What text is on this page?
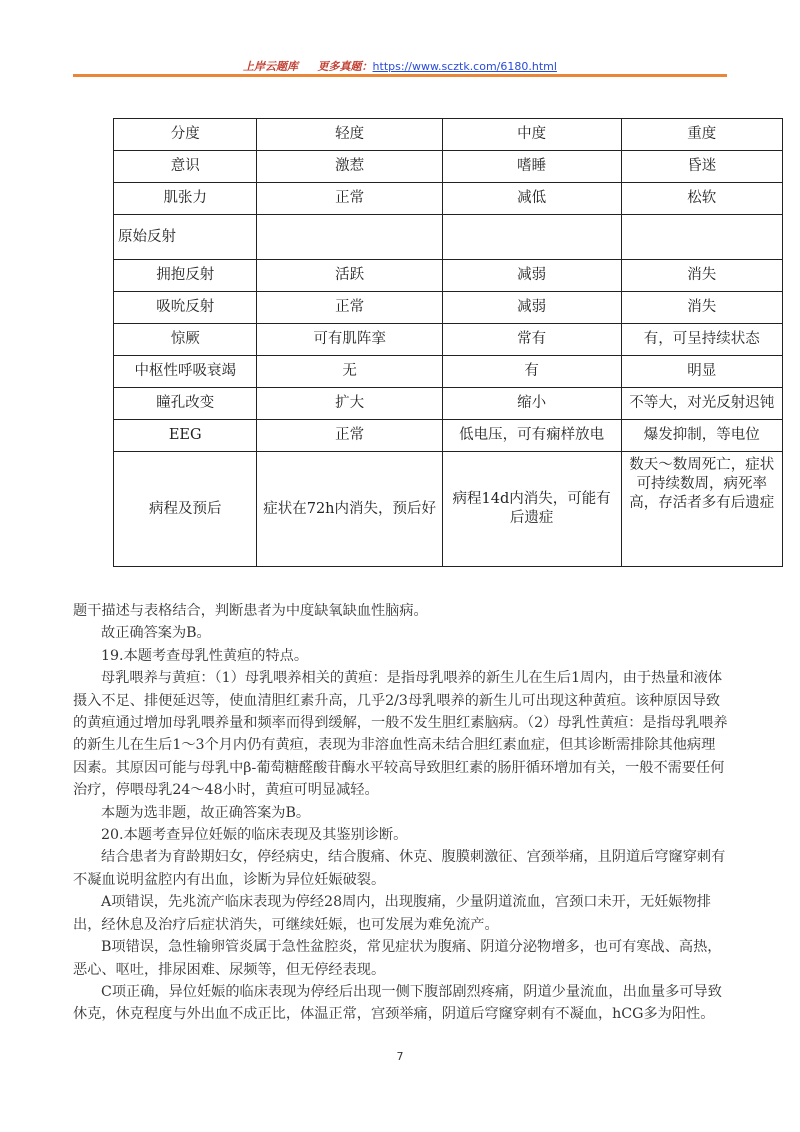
上岸云题库 更多真题：https://www.scztk.com/6180.html
分度	轻度	中度	重度
意识	激惹	嗜睡	昏迷
肌张力	正常	减低	松软
原始反射			
拥抱反射	活跃	减弱	消失
吸吮反射	正常	减弱	消失
惊厥	可有肌阵挛	常有	有，可呈持续状态
中枢性呼吸衰竭	无	有	明显
瞳孔改变	扩大	缩小	不等大，对光反射迟钝
EEG	正常	低电压，可有痫样放电	爆发抑制，等电位
病程及预后	症状在72h内消失，预后好	病程14d内消失，可能有后遗症	数天～数周死亡，症状可持续数周，病死率高，存活者多有后遗症

题干描述与表格结合，判断患者为中度缺氧缺血性脑病。

故正确答案为B。

19.本题考查母乳性黄疸的特点。

母乳喂养与黄疸：（1）母乳喂养相关的黄疸：是指母乳喂养的新生儿在生后1周内，由于热量和液体摄入不足、排便延迟等，使血清胆红素升高，几乎2/3母乳喂养的新生儿可出现这种黄疸。该种原因导致的黄疸通过增加母乳喂养量和频率而得到缓解，一般不发生胆红素脑病。（2）母乳性黄疸：是指母乳喂养的新生儿在生后1～3个月内仍有黄疸，表现为非溶血性高未结合胆红素血症，但其诊断需排除其他病理因素。其原因可能与母乳中β-葡萄糖醛酸苷酶水平较高导致胆红素的肠肝循环增加有关，一般不需要任何治疗，停喂母乳24～48小时，黄疸可明显减轻。

本题为选非题，故正确答案为B。

20.本题考查异位妊娠的临床表现及其鉴别诊断。

结合患者为育龄期妇女，停经病史，结合腹痛、休克、腹膜刺激征、宫颈举痛，且阴道后穹窿穿刺有不凝血说明盆腔内有出血，诊断为异位妊娠破裂。

A项错误，先兆流产临床表现为停经28周内，出现腹痛，少量阴道流血，宫颈口未开，无妊娠物排出，经休息及治疗后症状消失，可继续妊娠，也可发展为难免流产。

B项错误，急性输卵管炎属于急性盆腔炎，常见症状为腹痛、阴道分泌物增多，也可有寒战、高热，恶心、呕吐，排尿困难、尿频等，但无停经表现。

C项正确，异位妊娠的临床表现为停经后出现一侧下腹部剧烈疼痛，阴道少量流血，出血量多可导致休克，休克程度与外出血不成正比，体温正常，宫颈举痛，阴道后穹窿穿刺有不凝血，hCG多为阳性。

7
